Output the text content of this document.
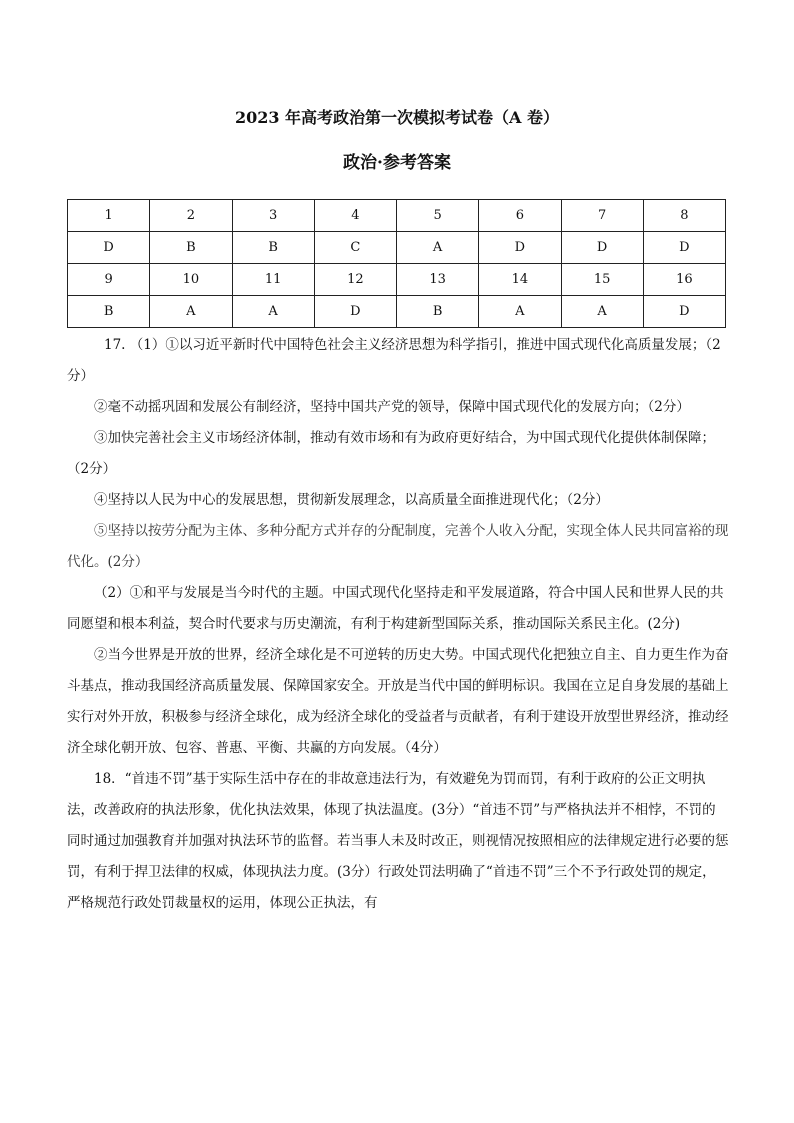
2023 年高考政治第一次模拟考试卷（A 卷）
政治·参考答案
1	2	3	4	5	6	7	8
D	B	B	C	A	D	D	D
9	10	11	12	13	14	15	16
B	A	A	D	B	A	A	D

17. （1）①以习近平新时代中国特色社会主义经济思想为科学指引，推进中国式现代化高质量发展；（2分）

②毫不动摇巩固和发展公有制经济，坚持中国共产党的领导，保障中国式现代化的发展方向；（2分）

③加快完善社会主义市场经济体制，推动有效市场和有为政府更好结合，为中国式现代化提供体制保障；（2分）

④坚持以人民为中心的发展思想，贯彻新发展理念，以高质量全面推进现代化；（2分）

⑤坚持以按劳分配为主体、多种分配方式并存的分配制度，完善个人收入分配，实现全体人民共同富裕的现代化。(2分）

（2）①和平与发展是当今时代的主题。中国式现代化坚持走和平发展道路，符合中国人民和世界人民的共同愿望和根本利益，契合时代要求与历史潮流，有利于构建新型国际关系，推动国际关系民主化。(2分)

②当今世界是开放的世界，经济全球化是不可逆转的历史大势。中国式现代化把独立自主、自力更生作为奋斗基点，推动我国经济高质量发展、保障国家安全。开放是当代中国的鲜明标识。我国在立足自身发展的基础上实行对外开放，积极参与经济全球化，成为经济全球化的受益者与贡献者，有利于建设开放型世界经济，推动经济全球化朝开放、包容、普惠、平衡、共赢的方向发展。（4分）

18．“首违不罚”基于实际生活中存在的非故意违法行为，有效避免为罚而罚，有利于政府的公正文明执法，改善政府的执法形象，优化执法效果，体现了执法温度。(3分）“首违不罚”与严格执法并不相悖，不罚的同时通过加强教育并加强对执法环节的监督。若当事人未及时改正，则视情况按照相应的法律规定进行必要的惩罚，有利于捍卫法律的权威，体现执法力度。(3分）行政处罚法明确了“首违不罚”三个不予行政处罚的规定，严格规范行政处罚裁量权的运用，体现公正执法，有
